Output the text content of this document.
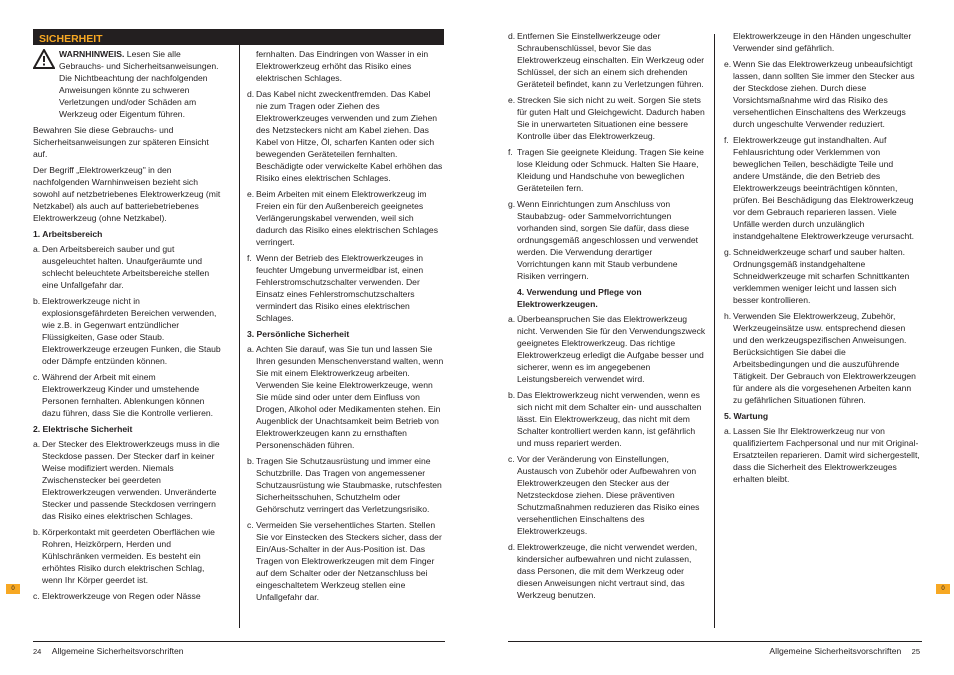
SICHERHEIT

WARNHINWEIS. Lesen Sie alle Gebrauchs- und Sicherheitsanweisungen. Die Nichtbeachtung der nachfolgenden Anweisungen könnte zu schweren Verletzungen und/oder Schäden am Werkzeug oder Eigentum führen.

Bewahren Sie diese Gebrauchs- und Sicherheitsanweisungen zur späteren Einsicht auf.

Der Begriff „Elektrowerkzeug" in den nachfolgenden Warnhinweisen bezieht sich sowohl auf netzbetriebenes Elektrowerkzeug (mit Netzkabel) als auch auf batteriebetriebenes Elektrowerkzeug (ohne Netzkabel).

1. Arbeitsbereich

a. Den Arbeitsbereich sauber und gut ausgeleuchtet halten. Unaufgeräumte und schlecht beleuchtete Arbeitsbereiche stellen eine Unfallgefahr dar.
b. Elektrowerkzeuge nicht in explosionsgefährdeten Bereichen verwenden, wie z.B. in Gegenwart entzündlicher Flüssigkeiten, Gase oder Staub. Elektrowerkzeuge erzeugen Funken, die Staub oder Dämpfe entzünden können.
c. Während der Arbeit mit einem Elektrowerkzeug Kinder und umstehende Personen fernhalten. Ablenkungen können dazu führen, dass Sie die Kontrolle verlieren.

2. Elektrische Sicherheit

a. Der Stecker des Elektrowerkzeugs muss in die Steckdose passen. Der Stecker darf in keiner Weise modifiziert werden. Niemals Zwischenstecker bei geerdeten Elektrowerkzeugen verwenden. Unveränderte Stecker und passende Steckdosen verringern das Risiko eines elektrischen Schlages.
b. Körperkontakt mit geerdeten Oberflächen wie Rohren, Heizkörpern, Herden und Kühlschränken vermeiden. Es besteht ein erhöhtes Risiko durch elektrischen Schlag, wenn Ihr Körper geerdet ist.
c. Elektrowerkzeuge von Regen oder Nässe
fernhalten. Das Eindringen von Wasser in ein Elektrowerkzeug erhöht das Risiko eines elektrischen Schlages.
d. Das Kabel nicht zweckentfremden. Das Kabel nie zum Tragen oder Ziehen des Elektrowerkzeuges verwenden und zum Ziehen des Netzsteckers nicht am Kabel ziehen. Das Kabel von Hitze, Öl, scharfen Kanten oder sich bewegenden Geräteteilen fernhalten. Beschädigte oder verwickelte Kabel erhöhen das Risiko eines elektrischen Schlages.
e. Beim Arbeiten mit einem Elektrowerkzeug im Freien ein für den Außenbereich geeignetes Verlängerungskabel verwenden, weil sich dadurch das Risiko eines elektrischen Schlages verringert.
f. Wenn der Betrieb des Elektrowerkzeuges in feuchter Umgebung unvermeidbar ist, einen Fehlerstromschutzschalter verwenden. Der Einsatz eines Fehlerstromschutzschalters vermindert das Risiko eines elektrischen Schlages.

3. Persönliche Sicherheit

a. Achten Sie darauf, was Sie tun und lassen Sie Ihren gesunden Menschenverstand walten, wenn Sie mit einem Elektrowerkzeug arbeiten. Verwenden Sie keine Elektrowerkzeuge, wenn Sie müde sind oder unter dem Einfluss von Drogen, Alkohol oder Medikamenten stehen. Ein Augenblick der Unachtsamkeit beim Betrieb von Elektrowerkzeugen kann zu ernsthaften Personenschäden führen.
b. Tragen Sie Schutzausrüstung und immer eine Schutzbrille. Das Tragen von angemessener Schutzausrüstung wie Staubmaske, rutschfesten Sicherheitsschuhen, Schutzhelm oder Gehörschutz verringert das Verletzungsrisiko.
c. Vermeiden Sie versehentliches Starten. Stellen Sie vor Einstecken des Steckers sicher, dass der Ein/Aus-Schalter in der Aus-Position ist. Das Tragen von Elektrowerkzeugen mit dem Finger auf dem Schalter oder der Netzanschluss bei eingeschaltetem Werkzeug stellen eine Unfallgefahr dar.
0
24 Allgemeine Sicherheitsvorschriften
d. Entfernen Sie Einstellwerkzeuge oder Schraubenschlüssel, bevor Sie das Elektrowerkzeug einschalten. Ein Werkzeug oder Schlüssel, der sich an einem sich drehenden Geräteteil befindet, kann zu Verletzungen führen.
e. Strecken Sie sich nicht zu weit. Sorgen Sie stets für guten Halt und Gleichgewicht. Dadurch haben Sie in unerwarteten Situationen eine bessere Kontrolle über das Elektrowerkzeug.
f. Tragen Sie geeignete Kleidung. Tragen Sie keine lose Kleidung oder Schmuck. Halten Sie Haare, Kleidung und Handschuhe von beweglichen Geräteteilen fern.
g. Wenn Einrichtungen zum Anschluss von Staubabzug- oder Sammelvorrichtungen vorhanden sind, sorgen Sie dafür, dass diese ordnungsgemäß angeschlossen und verwendet werden. Die Verwendung derartiger Vorrichtungen kann mit Staub verbundene Risiken verringern.

4. Verwendung und Pflege von Elektrowerkzeugen.

a. Überbeanspruchen Sie das Elektrowerkzeug nicht. Verwenden Sie für den Verwendungszweck geeignetes Elektrowerkzeug. Das richtige Elektrowerkzeug erledigt die Aufgabe besser und sicherer, wenn es im angegebenen Leistungsbereich verwendet wird.
b. Das Elektrowerkzeug nicht verwenden, wenn es sich nicht mit dem Schalter ein- und ausschalten lässt. Ein Elektrowerkzeug, das nicht mit dem Schalter kontrolliert werden kann, ist gefährlich und muss repariert werden.
c. Vor der Veränderung von Einstellungen, Austausch von Zubehör oder Aufbewahren von Elektrowerkzeugen den Stecker aus der Netzsteckdose ziehen. Diese präventiven Schutzmaßnahmen reduzieren das Risiko eines versehentlichen Einschaltens des Elektrowerkzeugs.
d. Elektrowerkzeuge, die nicht verwendet werden, kindersicher aufbewahren und nicht zulassen, dass Personen, die mit dem Werkzeug oder diesen Anweisungen nicht vertraut sind, das Werkzeug benutzen.
Elektrowerkzeuge in den Händen ungeschulter Verwender sind gefährlich.
e. Wenn Sie das Elektrowerkzeug unbeaufsichtigt lassen, dann sollten Sie immer den Stecker aus der Steckdose ziehen. Durch diese Vorsichtsmaßnahme wird das Risiko des versehentlichen Einschaltens des Werkzeugs durch ungeschulte Verwender reduziert.
f. Elektrowerkzeuge gut instandhalten. Auf Fehlausrichtung oder Verklemmen von beweglichen Teilen, beschädigte Teile und andere Umstände, die den Betrieb des Elektrowerkzeugs beeinträchtigen könnten, prüfen. Bei Beschädigung das Elektrowerkzeug vor dem Gebrauch reparieren lassen. Viele Unfälle werden durch unzulänglich instandgehaltene Elektrowerkzeuge verursacht.
g. Schneidwerkzeuge scharf und sauber halten. Ordnungsgemäß instandgehaltene Schneidwerkzeuge mit scharfen Schnittkanten verklemmen weniger leicht und lassen sich besser kontrollieren.
h. Verwenden Sie Elektrowerkzeug, Zubehör, Werkzeugeinsätze usw. entsprechend diesen und den werkzeugspezifischen Anweisungen. Berücksichtigen Sie dabei die Arbeitsbedingungen und die auszuführende Tätigkeit. Der Gebrauch von Elektrowerkzeugen für andere als die vorgesehenen Arbeiten kann zu gefährlichen Situationen führen.

5. Wartung

a. Lassen Sie Ihr Elektrowerkzeug nur von qualifiziertem Fachpersonal und nur mit Original-Ersatzteilen reparieren. Damit wird sichergestellt, dass die Sicherheit des Elektrowerkzeuges erhalten bleibt.
0
Allgemeine Sicherheitsvorschriften 25
